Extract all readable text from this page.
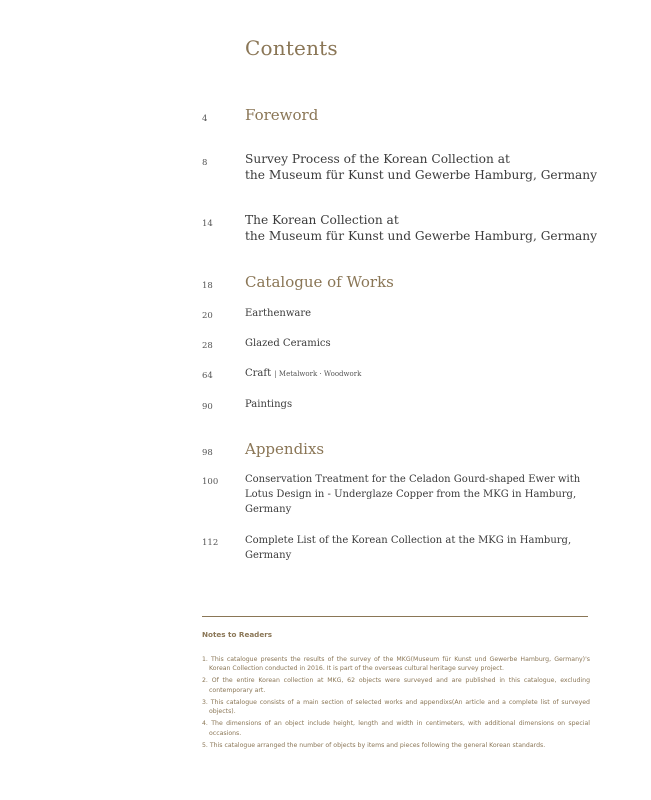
Contents
4	Foreword
8	Survey Process of the Korean Collection at
the Museum für Kunst und Gewerbe Hamburg, Germany
14	The Korean Collection at
the Museum für Kunst und Gewerbe Hamburg, Germany
18 Catalogue of Works
20	Earthenware
28	Glazed Ceramics
64	Craft | Metalwork · Woodwork
90	Paintings
98 Appendixs
100	Conservation Treatment for the Celadon Gourd-shaped Ewer with Lotus Design in - Underglaze Copper from the MKG in Hamburg, Germany
112	Complete List of the Korean Collection at the MKG in Hamburg, Germany
Notes to Readers
1. This catalogue presents the results of the survey of the MKG(Museum für Kunst und Gewerbe Hamburg, Germany)'s Korean Collection conducted in 2016. It is part of the overseas cultural heritage survey project.
2. Of the entire Korean collection at MKG, 62 objects were surveyed and are published in this catalogue, excluding contemporary art.
3. This catalogue consists of a main section of selected works and appendixs(An article and a complete list of surveyed objects).
4. The dimensions of an object include height, length and width in centimeters, with additional dimensions on special occasions.
5. This catalogue arranged the number of objects by items and pieces following the general Korean standards.
